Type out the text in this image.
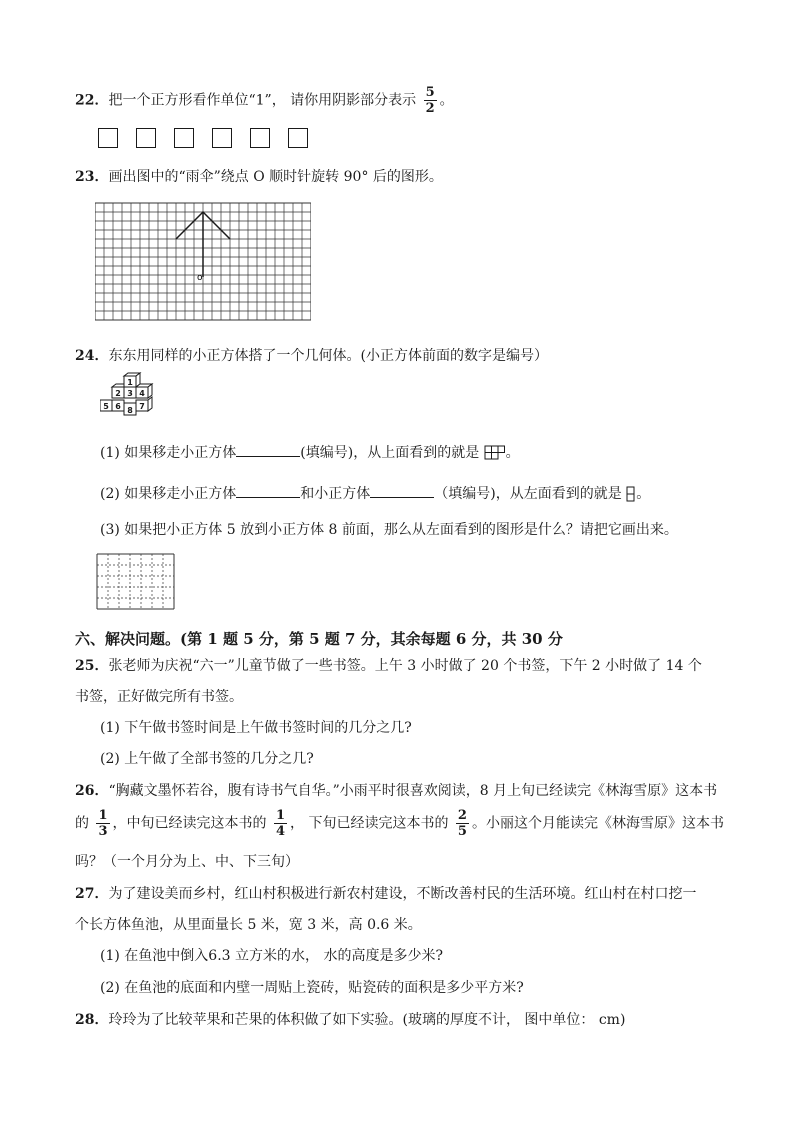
22．把一个正方形看作单位“1”， 请你用阴影部分表示 $\frac{5}{2}$ 。
23．画出图中的“雨伞”绕点 O 顺时针旋转 90° 后的图形。
o
24．东东用同样的小正方体搭了一个几何体。(小正方体前面的数字是编号）
1
2 3 4
5 6 7
8
(1) 如果移走小正方体	(填编号)，从上面看到的就是 。
(2) 如果移走小正方体	和小正方体	（填编号)，从左面看到的就是 。
(3) 如果把小正方体 5 放到小正方体 8 前面，那么从左面看到的图形是什么？请把它画出来。
六、解决问题。(第 1 题 5 分，第 5 题 7 分，其余每题 6 分，共 30 分
25．张老师为庆祝“六一”儿童节做了一些书签。上午 3 小时做了 20 个书签，下午 2 小时做了 14 个
书签，正好做完所有书签。
(1) 下午做书签时间是上午做书签时间的几分之几?
(2) 上午做了全部书签的几分之几?
26．“胸藏文墨怀若谷，腹有诗书气自华。”小雨平时很喜欢阅读，8 月上旬已经读完《林海雪原》这本书
的 $\frac{1}{3}$ ，中旬已经读完这本书的 $\frac{1}{4}$ ， 下旬已经读完这本书的 $\frac{2}{5}$ 。小丽这个月能读完《林海雪原》这本书
吗？（一个月分为上、中、下三旬）
27．为了建设美而乡村，红山村积极进行新农村建设，不断改善村民的生活环境。红山村在村口挖一
个长方体鱼池，从里面量长 5 米，宽 3 米，高 0.6 米。
(1) 在鱼池中倒入6.3 立方米的水， 水的高度是多少米?
(2) 在鱼池的底面和内壁一周贴上瓷砖，贴瓷砖的面积是多少平方米?
28．玲玲为了比较苹果和芒果的体积做了如下实验。(玻璃的厚度不计， 图中单位： cm)
